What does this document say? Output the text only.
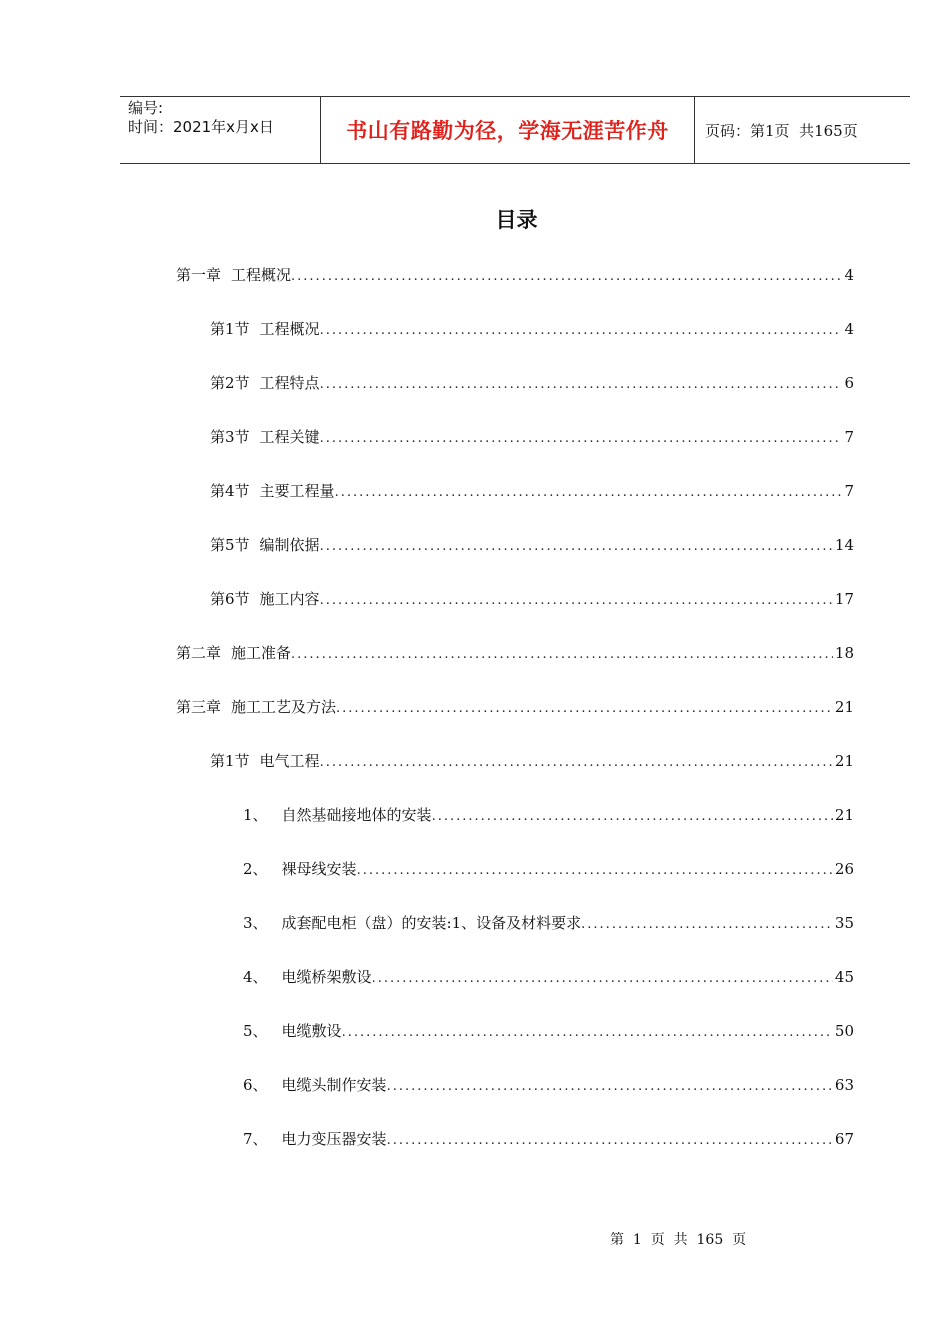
编号:
时间：2021年x月x日	书山有路勤为径，学海无涯苦作舟 页码：第1页  共165页
目录
第一章 工程概况 .....	4
第1节 工程概况 .....	4
第2节 工程特点 .....	6
第3节 工程关键 .....	7
第4节 主要工程量 .....	7
第5节 编制依据 .....	14
第6节 施工内容 .....	17
第二章 施工准备 .....	18
第三章 施工工艺及方法 .....	21
第1节 电气工程 .....	21
1、 自然基础接地体的安装 .....	21
2、 裸母线安装 .....	26
3、 成套配电柜（盘）的安装:1、设备及材料要求 .....	35
4、 电缆桥架敷设 .....	45
5、 电缆敷设 .....	50
6、 电缆头制作安装 .....	63
7、 电力变压器安装 .....	67
第  1  页  共  165  页
